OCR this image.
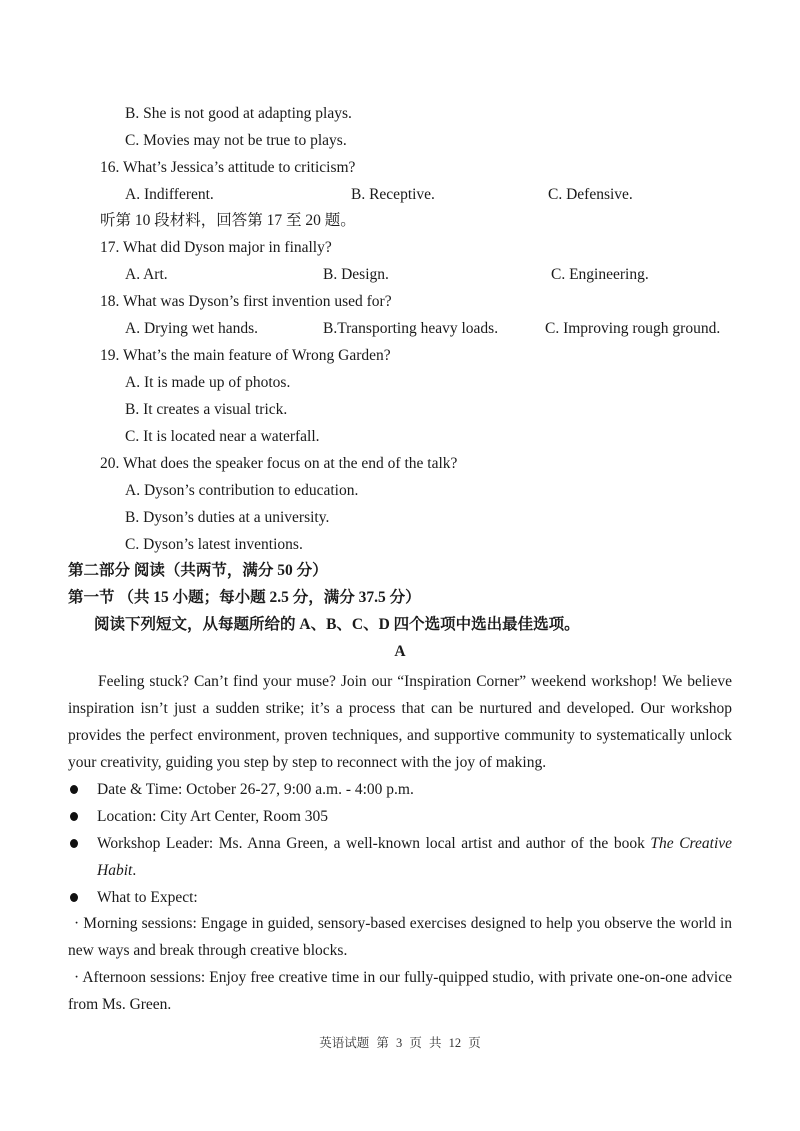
B. She is not good at adapting plays.
C. Movies may not be true to plays.
16. What’s Jessica’s attitude to criticism?
A. Indifferent.	B. Receptive.	C. Defensive.
听第 10 段材料，回答第 17 至 20 题。
17. What did Dyson major in finally?
A. Art.	B. Design.	C. Engineering.
18. What was Dyson’s first invention used for?
A. Drying wet hands.	B.Transporting heavy loads.	C. Improving rough ground.
19. What’s the main feature of Wrong Garden?
A. It is made up of photos.
B. It creates a visual trick.
C. It is located near a waterfall.
20. What does the speaker focus on at the end of the talk?
A. Dyson’s contribution to education.
B. Dyson’s duties at a university.
C. Dyson’s latest inventions.
第二部分 阅读（共两节，满分 50 分）
第一节 （共 15 小题；每小题 2.5 分，满分 37.5 分）
阅读下列短文，从每题所给的 A、B、C、D 四个选项中选出最佳选项。
A
Feeling stuck? Can’t find your muse? Join our “Inspiration Corner” weekend workshop! We believe inspiration isn’t just a sudden strike; it’s a process that can be nurtured and developed. Our workshop provides the perfect environment, proven techniques, and supportive community to systematically unlock your creativity, guiding you step by step to reconnect with the joy of making.
Date & Time: October 26-27, 9:00 a.m. - 4:00 p.m.
Location: City Art Center, Room 305
Workshop Leader: Ms. Anna Green, a well-known local artist and author of the book The Creative Habit.
What to Expect:
· Morning sessions: Engage in guided, sensory-based exercises designed to help you observe the world in new ways and break through creative blocks.
· Afternoon sessions: Enjoy free creative time in our fully-quipped studio, with private one-on-one advice from Ms. Green.
英语试题 第 3 页 共 12 页
